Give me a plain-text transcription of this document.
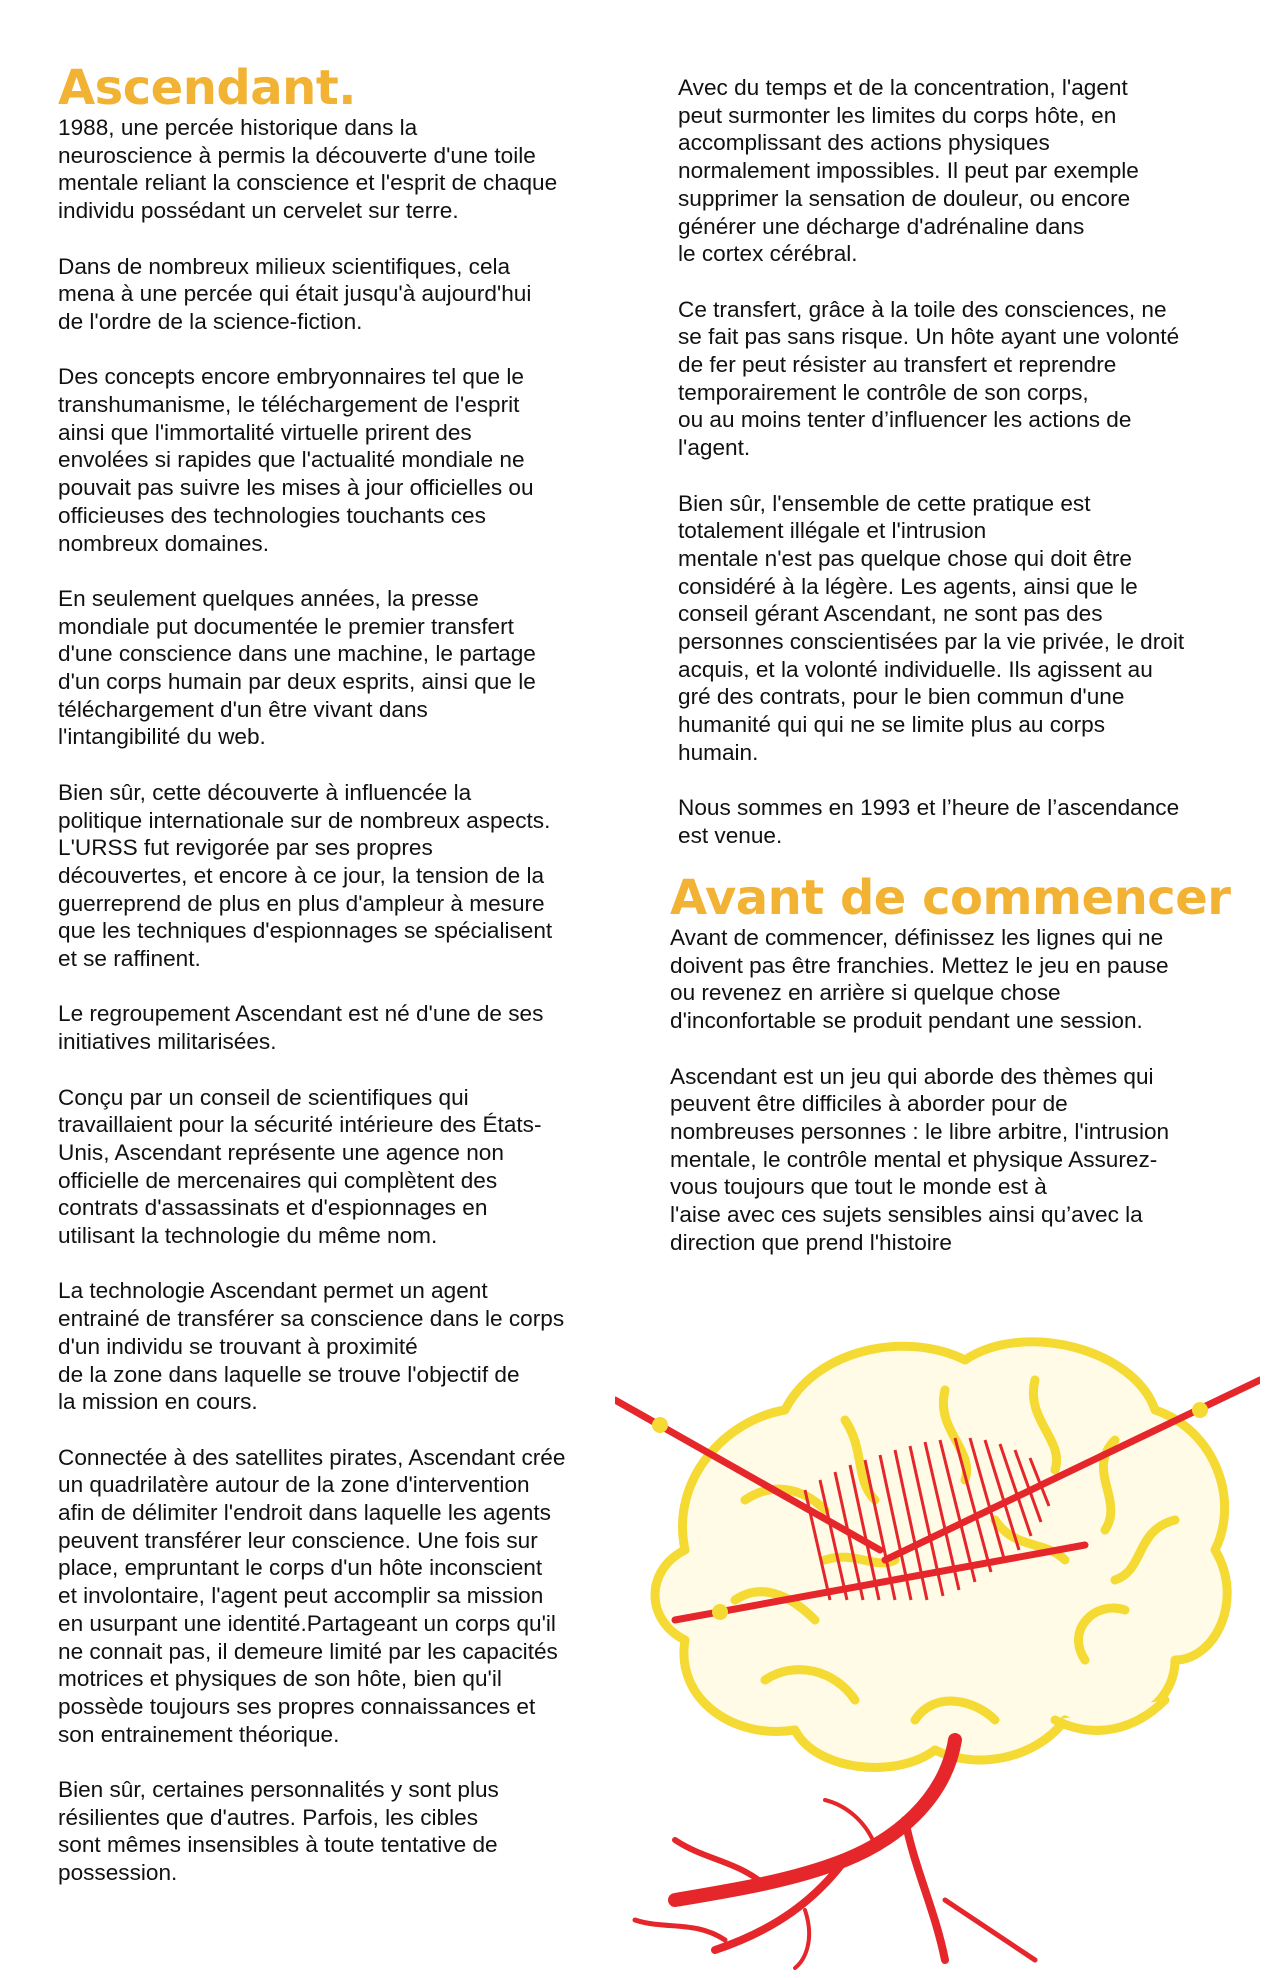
Ascendant.

1988, une percée historique dans la
neuroscience à permis la découverte d'une toile
mentale reliant la conscience et l'esprit de chaque
individu possédant un cervelet sur terre.

Dans de nombreux milieux scientifiques, cela
mena à une percée qui était jusqu'à aujourd'hui
de l'ordre de la science-fiction.

Des concepts encore embryonnaires tel que le
transhumanisme, le téléchargement de l'esprit
ainsi que l'immortalité virtuelle prirent des
envolées si rapides que l'actualité mondiale ne
pouvait pas suivre les mises à jour officielles ou
officieuses des technologies touchants ces
nombreux domaines.

En seulement quelques années, la presse
mondiale put documentée le premier transfert
d'une conscience dans une machine, le partage
d'un corps humain par deux esprits, ainsi que le
téléchargement d'un être vivant dans
l'intangibilité du web.

Bien sûr, cette découverte à influencée la
politique internationale sur de nombreux aspects.
L'URSS fut revigorée par ses propres
découvertes, et encore à ce jour, la tension de la
guerreprend de plus en plus d'ampleur à mesure
que les techniques d'espionnages se spécialisent
et se raffinent.

Le regroupement Ascendant est né d'une de ses
initiatives militarisées.

Conçu par un conseil de scientifiques qui
travaillaient pour la sécurité intérieure des États-
Unis, Ascendant représente une agence non
officielle de mercenaires qui complètent des
contrats d'assassinats et d'espionnages en
utilisant la technologie du même nom.

La technologie Ascendant permet un agent
entrainé de transférer sa conscience dans le corps
d'un individu se trouvant à proximité
de la zone dans laquelle se trouve l'objectif de
la mission en cours.

Connectée à des satellites pirates, Ascendant crée
un quadrilatère autour de la zone d'intervention
afin de délimiter l'endroit dans laquelle les agents
peuvent transférer leur conscience. Une fois sur
place, empruntant le corps d'un hôte inconscient
et involontaire, l'agent peut accomplir sa mission
en usurpant une identité.Partageant un corps qu'il
ne connait pas, il demeure limité par les capacités
motrices et physiques de son hôte, bien qu'il
possède toujours ses propres connaissances et
son entrainement théorique.

Bien sûr, certaines personnalités y sont plus
résilientes que d'autres. Parfois, les cibles
sont mêmes insensibles à toute tentative de
possession.

Avec du temps et de la concentration, l'agent
peut surmonter les limites du corps hôte, en
accomplissant des actions physiques
normalement impossibles. Il peut par exemple
supprimer la sensation de douleur, ou encore
générer une décharge d'adrénaline dans
le cortex cérébral.

Ce transfert, grâce à la toile des consciences, ne
se fait pas sans risque. Un hôte ayant une volonté
de fer peut résister au transfert et reprendre
temporairement le contrôle de son corps,
ou au moins tenter d’influencer les actions de
l'agent.

Bien sûr, l'ensemble de cette pratique est
totalement illégale et l'intrusion
mentale n'est pas quelque chose qui doit être
considéré à la légère. Les agents, ainsi que le
conseil gérant Ascendant, ne sont pas des
personnes conscientisées par la vie privée, le droit
acquis, et la volonté individuelle. Ils agissent au
gré des contrats, pour le bien commun d'une
humanité qui qui ne se limite plus au corps
humain.

Nous sommes en 1993 et l’heure de l’ascendance
est venue.

Avant de commencer

Avant de commencer, définissez les lignes qui ne
doivent pas être franchies. Mettez le jeu en pause
ou revenez en arrière si quelque chose
d'inconfortable se produit pendant une session.

Ascendant est un jeu qui aborde des thèmes qui
peuvent être difficiles à aborder pour de
nombreuses personnes : le libre arbitre, l'intrusion
mentale, le contrôle mental et physique Assurez-
vous toujours que tout le monde est à
l'aise avec ces sujets sensibles ainsi qu’avec la
direction que prend l'histoire
